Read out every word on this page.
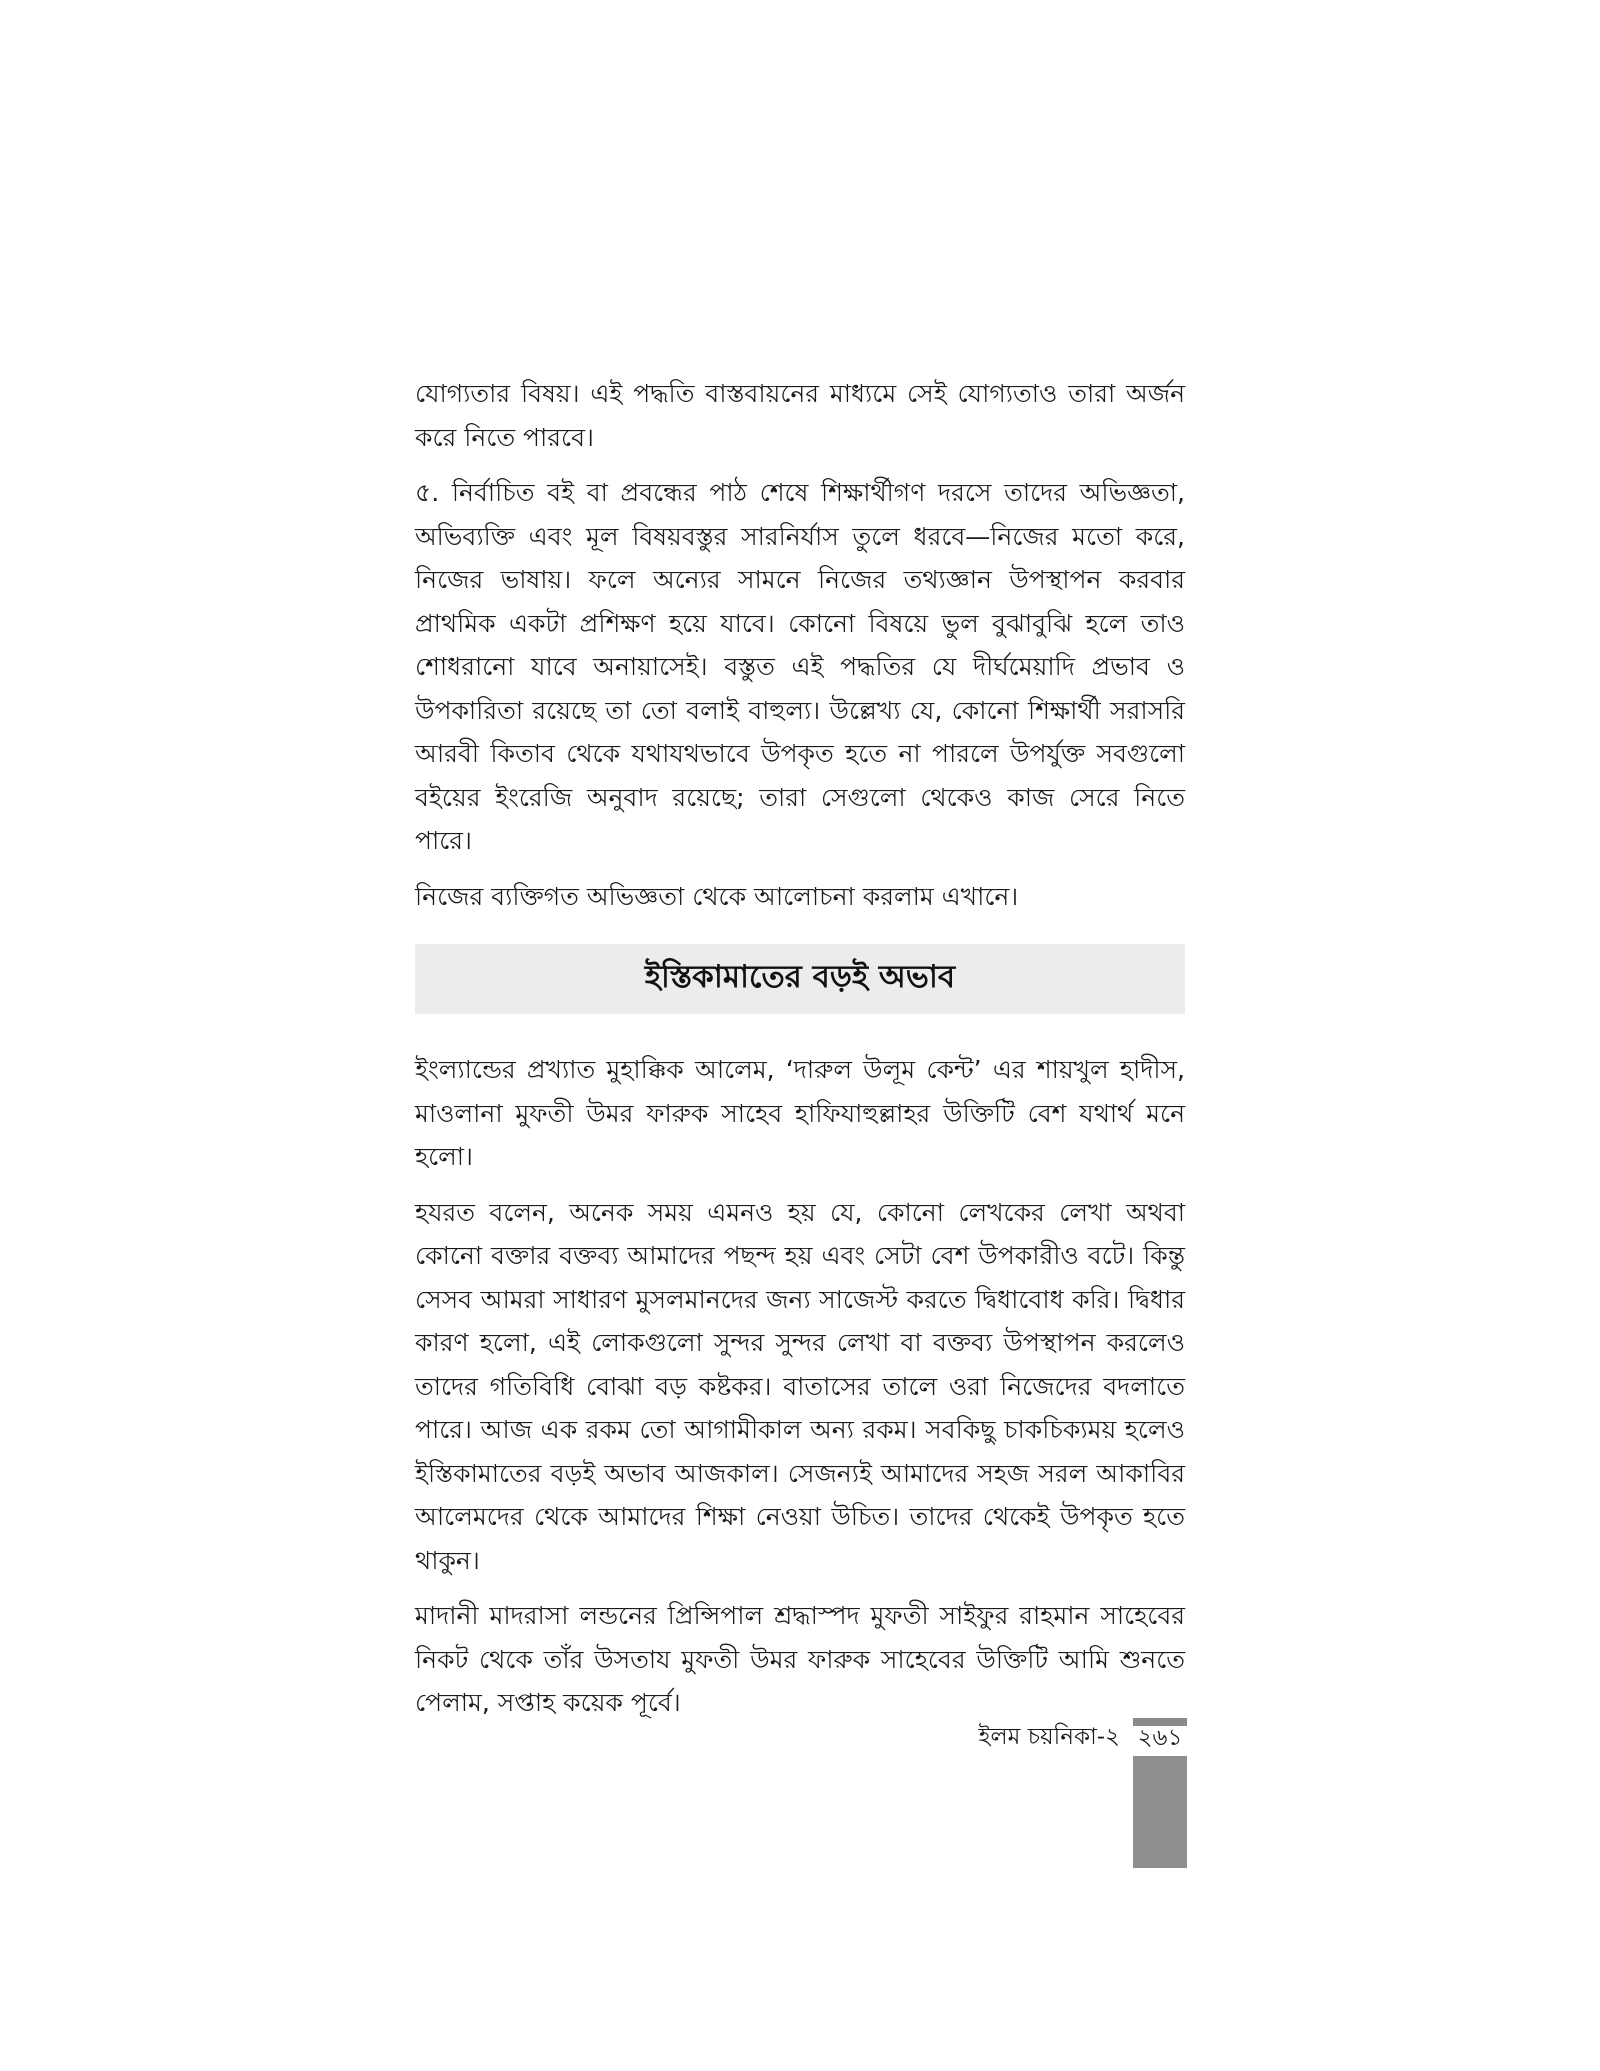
যোগ্যতার বিষয়। এই পদ্ধতি বাস্তবায়নের মাধ্যমে সেই যোগ্যতাও তারা অর্জন করে নিতে পারবে।

৫. নির্বাচিত বই বা প্রবন্ধের পাঠ শেষে শিক্ষার্থীগণ দরসে তাদের অভিজ্ঞতা, অভিব্যক্তি এবং মূল বিষয়বস্তুর সারনির্যাস তুলে ধরবে—নিজের মতো করে, নিজের ভাষায়। ফলে অন্যের সামনে নিজের তথ্যজ্ঞান উপস্থাপন করবার প্রাথমিক একটা প্রশিক্ষণ হয়ে যাবে। কোনো বিষয়ে ভুল বুঝাবুঝি হলে তাও শোধরানো যাবে অনায়াসেই। বস্তুত এই পদ্ধতির যে দীর্ঘমেয়াদি প্রভাব ও উপকারিতা রয়েছে তা তো বলাই বাহুল্য। উল্লেখ্য যে, কোনো শিক্ষার্থী সরাসরি আরবী কিতাব থেকে যথাযথভাবে উপকৃত হতে না পারলে উপর্যুক্ত সবগুলো বইয়ের ইংরেজি অনুবাদ রয়েছে; তারা সেগুলো থেকেও কাজ সেরে নিতে পারে।

নিজের ব্যক্তিগত অভিজ্ঞতা থেকে আলোচনা করলাম এখানে।

ইস্তিকামাতের বড়ই অভাব

ইংল্যান্ডের প্রখ্যাত মুহাক্কিক আলেম, ‘দারুল উলূম কেন্ট’ এর শায়খুল হাদীস, মাওলানা মুফতী উমর ফারুক সাহেব হাফিযাহুল্লাহর উক্তিটি বেশ যথার্থ মনে হলো।

হযরত বলেন, অনেক সময় এমনও হয় যে, কোনো লেখকের লেখা অথবা কোনো বক্তার বক্তব্য আমাদের পছন্দ হয় এবং সেটা বেশ উপকারীও বটে। কিন্তু সেসব আমরা সাধারণ মুসলমানদের জন্য সাজেস্ট করতে দ্বিধাবোধ করি। দ্বিধার কারণ হলো, এই লোকগুলো সুন্দর সুন্দর লেখা বা বক্তব্য উপস্থাপন করলেও তাদের গতিবিধি বোঝা বড় কষ্টকর। বাতাসের তালে ওরা নিজেদের বদলাতে পারে। আজ এক রকম তো আগামীকাল অন্য রকম। সবকিছু চাকচিক্যময় হলেও ইস্তিকামাতের বড়ই অভাব আজকাল। সেজন্যই আমাদের সহজ সরল আকাবির আলেমদের থেকে আমাদের শিক্ষা নেওয়া উচিত। তাদের থেকেই উপকৃত হতে থাকুন।

মাদানী মাদরাসা লন্ডনের প্রিন্সিপাল শ্রদ্ধাস্পদ মুফতী সাইফুর রাহমান সাহেবের নিকট থেকে তাঁর উসতায মুফতী উমর ফারুক সাহেবের উক্তিটি আমি শুনতে পেলাম, সপ্তাহ কয়েক পূর্বে।

ইলম চয়নিকা-২ ২৬১
